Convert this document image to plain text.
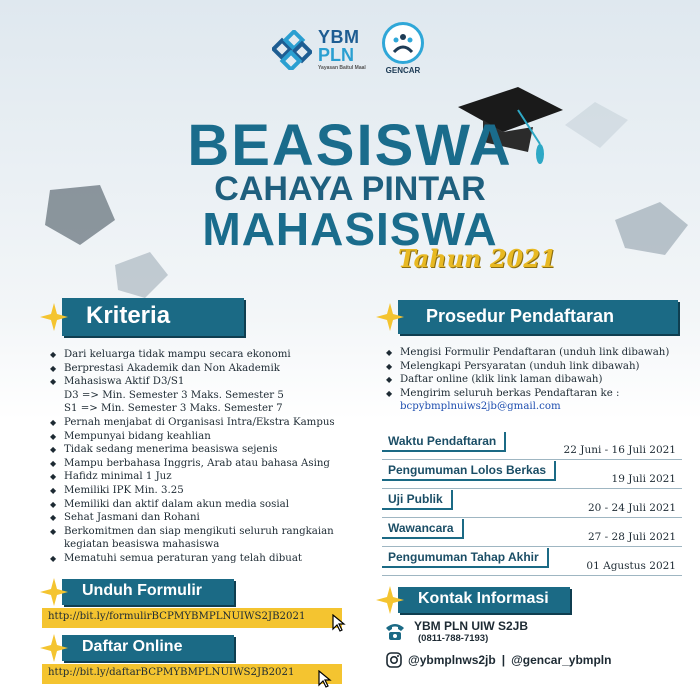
YBM
PLN
Yayasan Baitul Maal	GENCAR
BEASISWA
CAHAYA PINTAR
MAHASISWA
Tahun 2021
Kriteria
◆ Dari keluarga tidak mampu secara ekonomi
◆ Berprestasi Akademik dan Non Akademik
◆ Mahasiswa Aktif D3/S1
D3 => Min. Semester 3 Maks. Semester 5
S1 => Min. Semester 3 Maks. Semester 7
◆ Pernah menjabat di Organisasi Intra/Ekstra Kampus
◆ Mempunyai bidang keahlian
◆ Tidak sedang menerima beasiswa sejenis
◆ Mampu berbahasa Inggris, Arab atau bahasa Asing
◆ Hafidz minimal 1 Juz
◆ Memiliki IPK Min. 3.25
◆ Memiliki dan aktif dalam akun media sosial
◆ Sehat Jasmani dan Rohani
◆ Berkomitmen dan siap mengikuti seluruh rangkaian
kegiatan beasiswa mahasiswa
◆ Mematuhi semua peraturan yang telah dibuat
Prosedur Pendaftaran
◆ Mengisi Formulir Pendaftaran (unduh link dibawah)
◆ Melengkapi Persyaratan (unduh link dibawah)
◆ Daftar online (klik link laman dibawah)
◆ Mengirim seluruh berkas Pendaftaran ke :
bcpybmplnuiws2jb@gmail.com
Waktu Pendaftaran
22 Juni - 16 Juli 2021
Pengumuman Lolos Berkas
19 Juli 2021
Uji Publik
20 - 24 Juli 2021
Wawancara
27 - 28 Juli 2021
Pengumuman Tahap Akhir
01 Agustus 2021
Unduh Formulir
http://bit.ly/formulirBCPMYBMPLNUIWS2JB2021
Daftar Online
http://bit.ly/daftarBCPMYBMPLNUIWS2JB2021
Kontak Informasi
YBM PLN UIW S2JB
(0811-788-7193)
@ybmplnws2jb | @gencar_ybmpln
